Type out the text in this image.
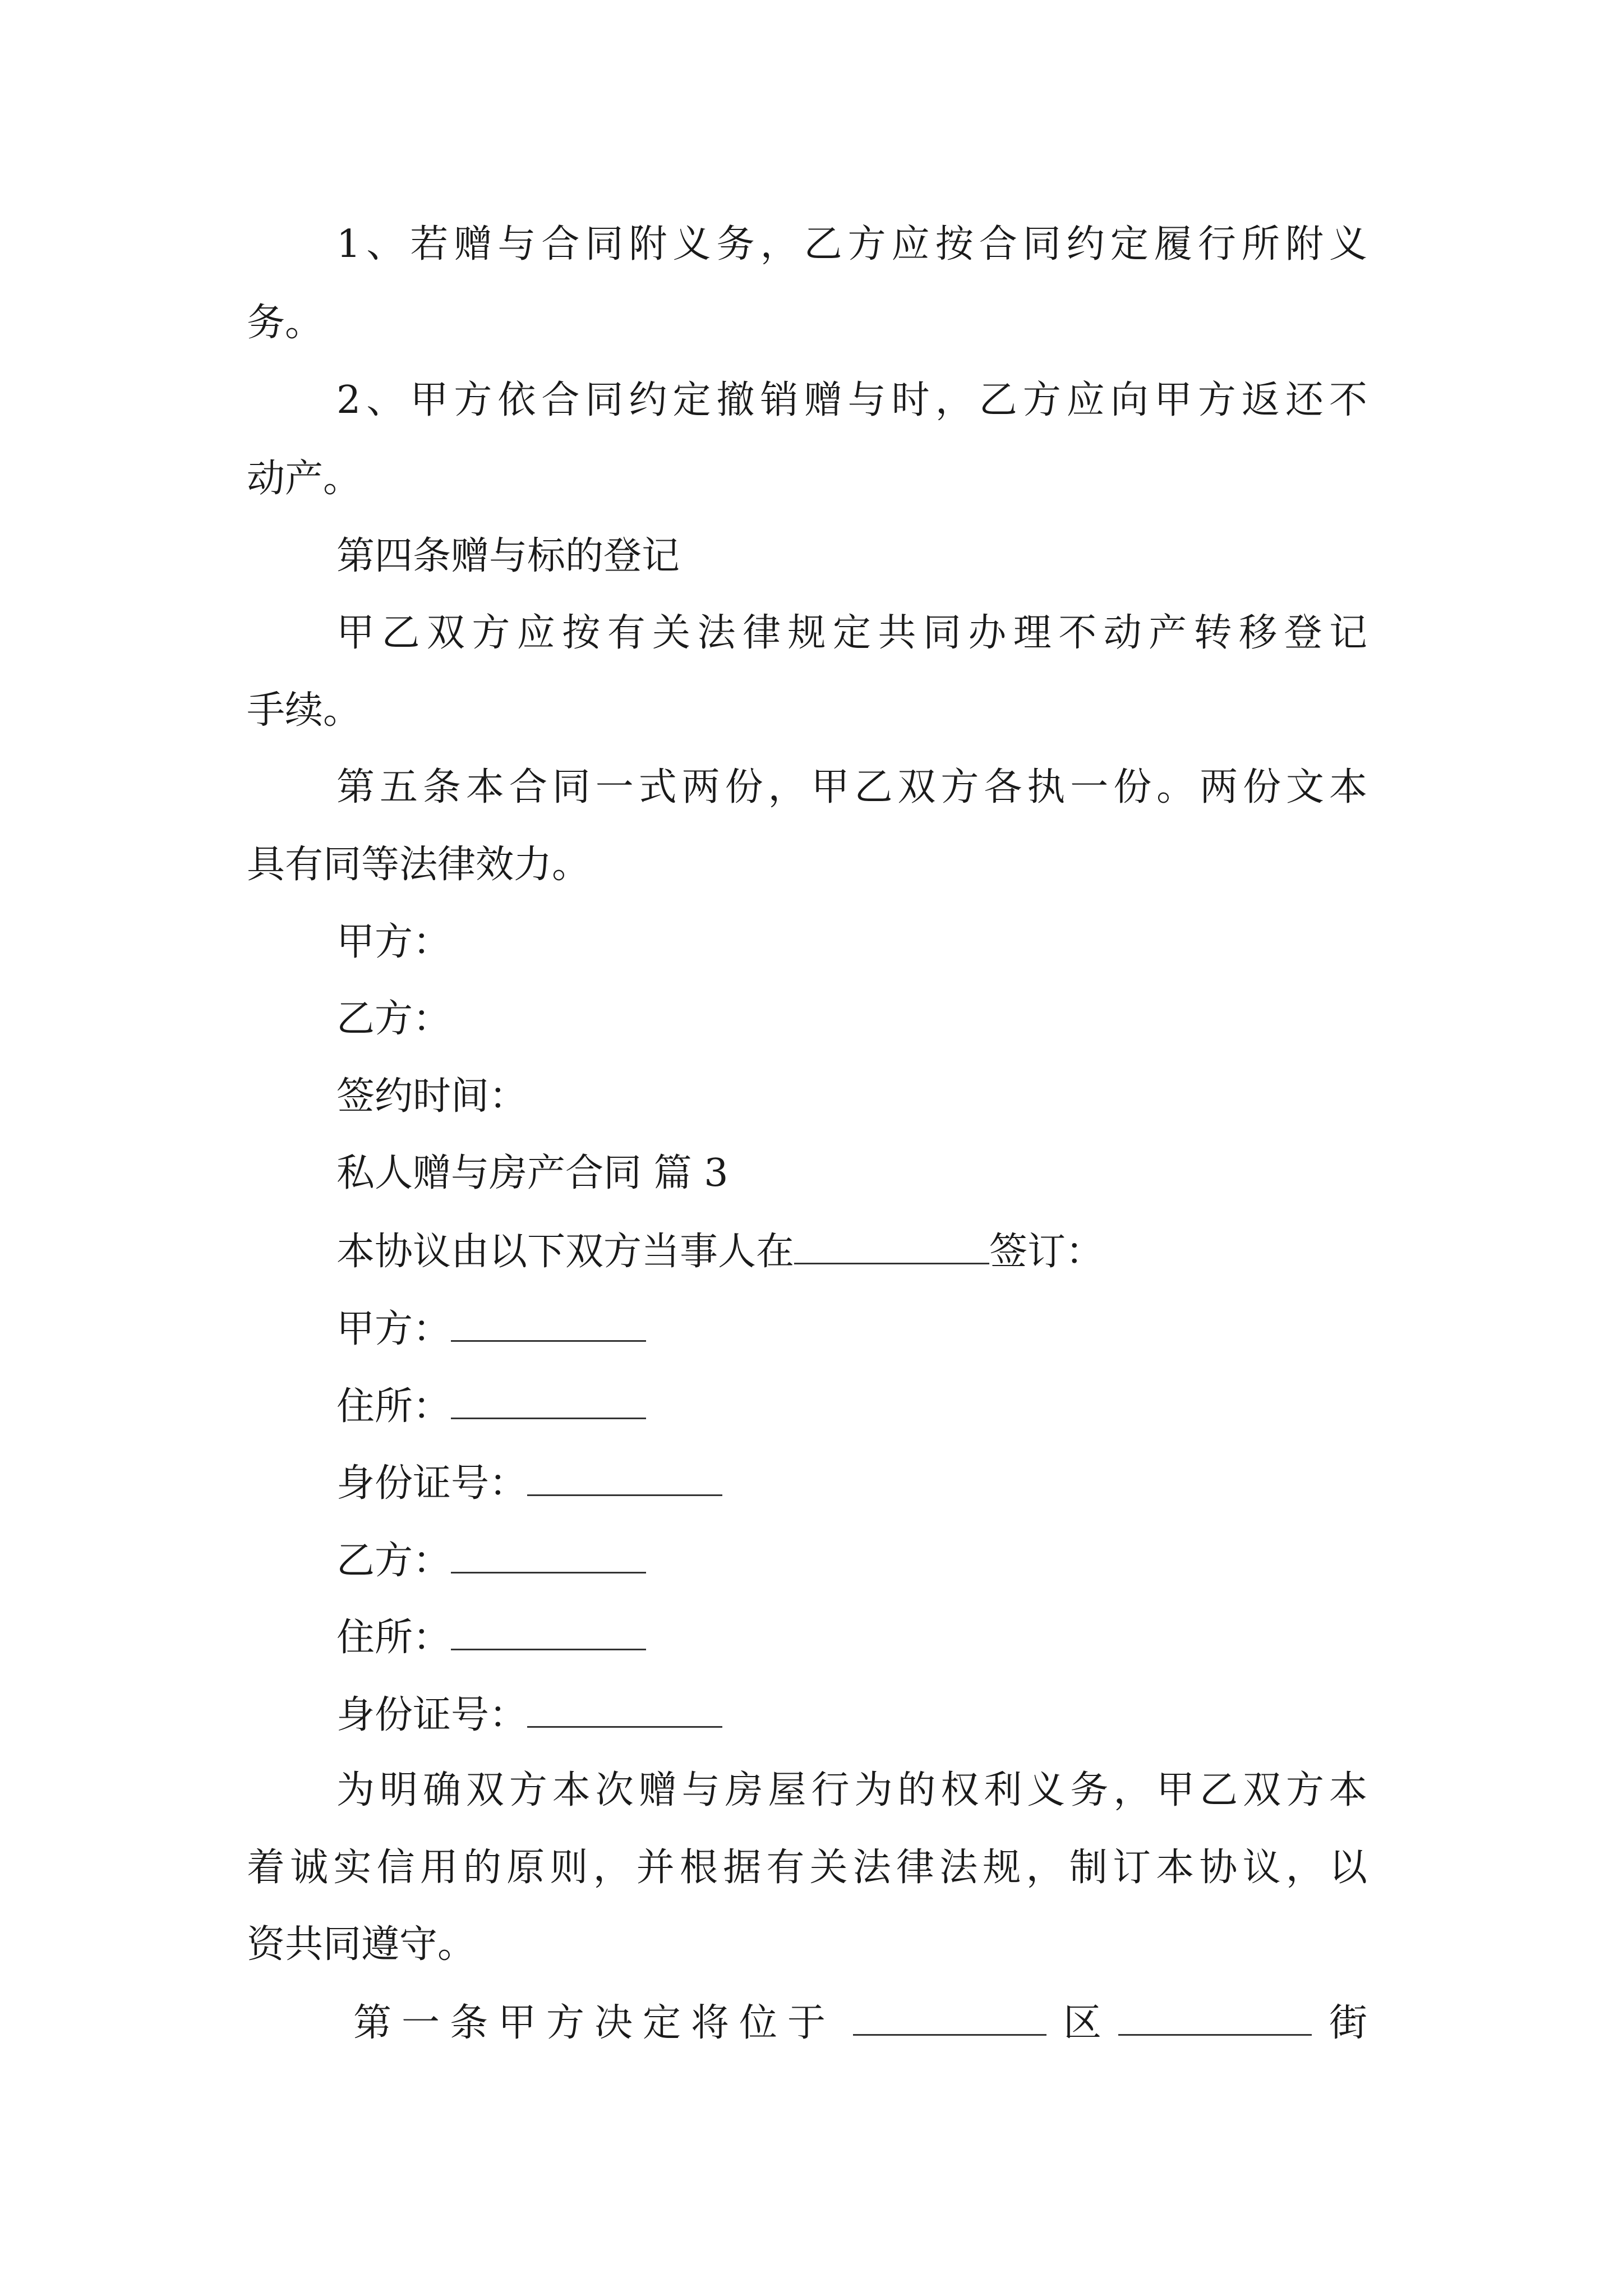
1、若赠与合同附义务，乙方应按合同约定履行所附义
务。
2、甲方依合同约定撤销赠与时，乙方应向甲方返还不
动产。
第四条赠与标的登记
甲乙双方应按有关法律规定共同办理不动产转移登记
手续。
第五条本合同一式两份，甲乙双方各执一份。两份文本
具有同等法律效力。
甲方：
乙方：
签约时间：
私人赠与房产合同 篇 3
本协议由以下双方当事人在	签订：
甲方：
住所：
身份证号：
乙方：
住所：
身份证号：
为明确双方本次赠与房屋行为的权利义务，甲乙双方本
着诚实信用的原则，并根据有关法律法规，制订本协议，以
资共同遵守。
第一条甲方决定将位于	区	街
